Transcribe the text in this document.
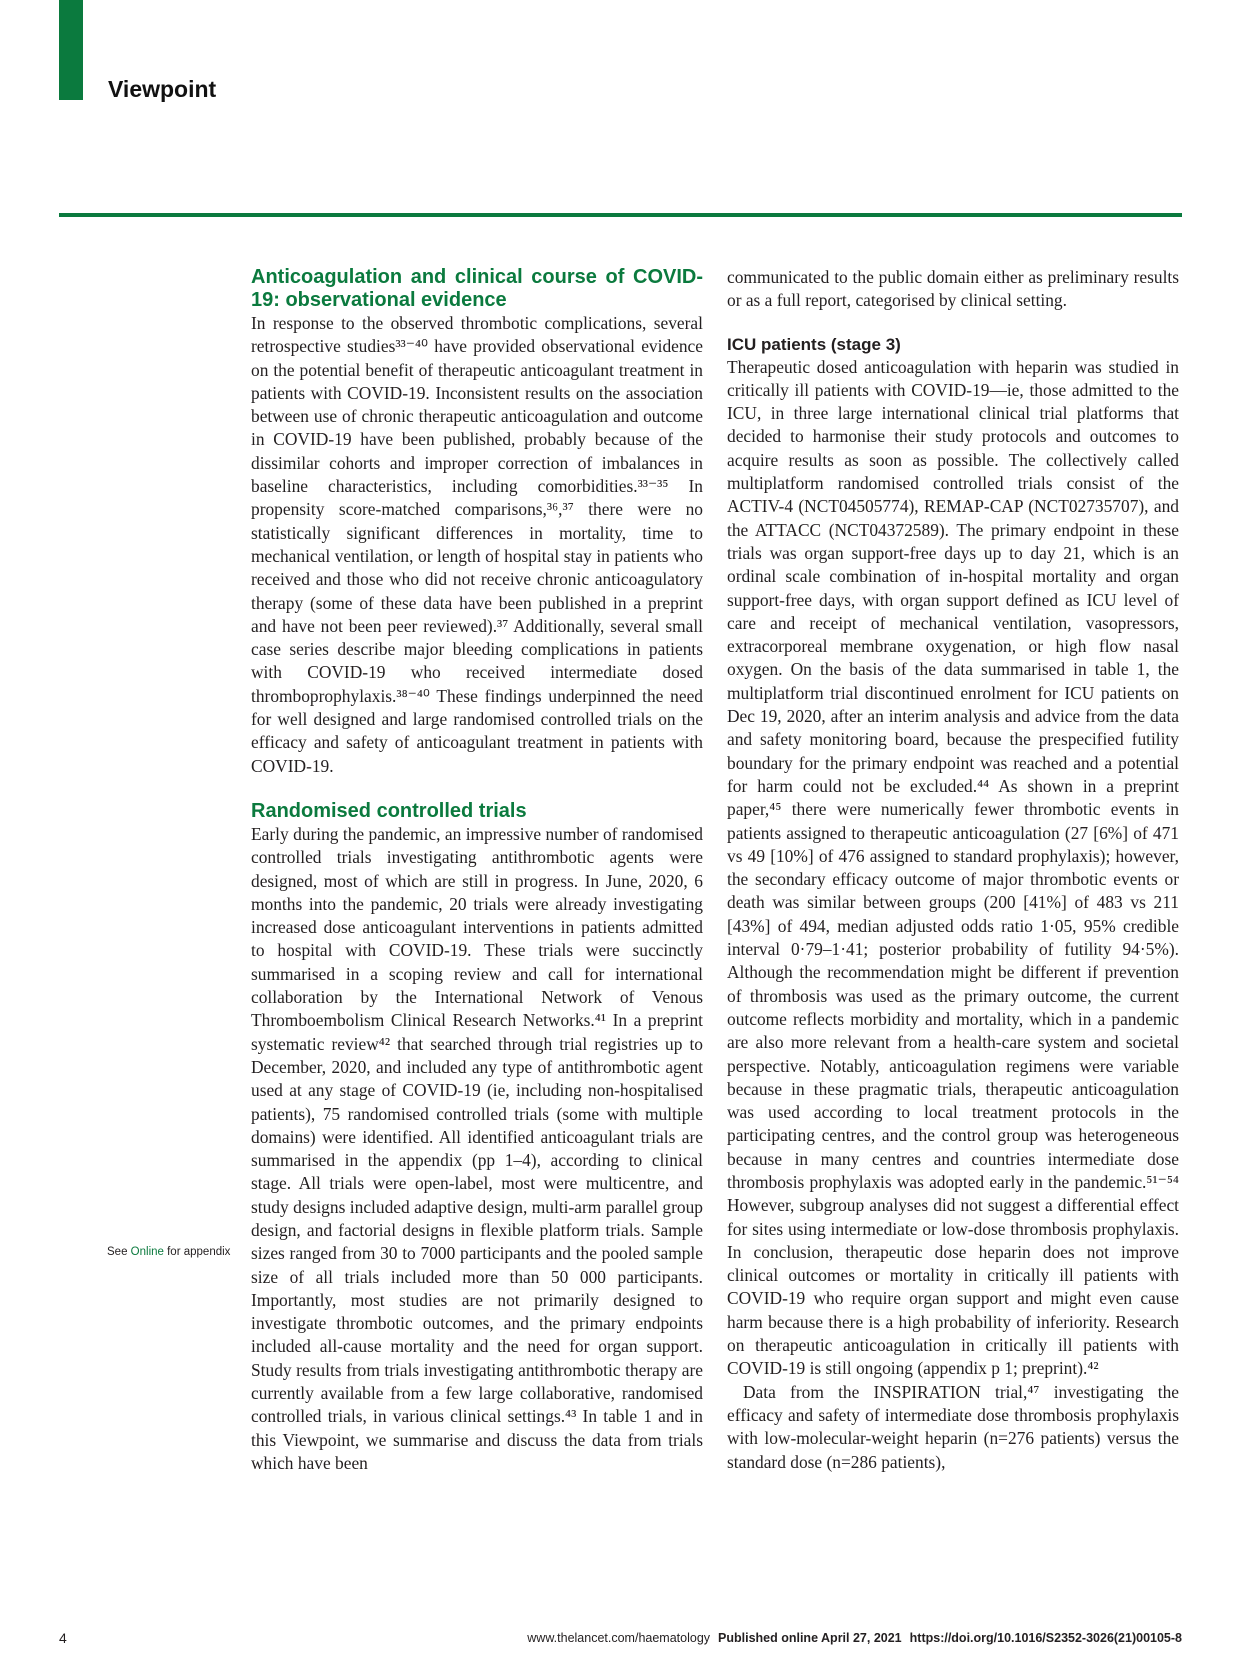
Viewpoint
See Online for appendix
Anticoagulation and clinical course of COVID-19: observational evidence

In response to the observed thrombotic complications, several retrospective studies³³⁻⁴⁰ have provided observational evidence on the potential benefit of therapeutic anticoagulant treatment in patients with COVID-19. Inconsistent results on the association between use of chronic therapeutic anticoagulation and outcome in COVID-19 have been published, probably because of the dissimilar cohorts and improper correction of imbalances in baseline characteristics, including comorbidities.³³⁻³⁵ In propensity score-matched comparisons,³⁶,³⁷ there were no statistically significant differences in mortality, time to mechanical ventilation, or length of hospital stay in patients who received and those who did not receive chronic anticoagulatory therapy (some of these data have been published in a preprint and have not been peer reviewed).³⁷ Additionally, several small case series describe major bleeding complications in patients with COVID-19 who received intermediate dosed thromboprophylaxis.³⁸⁻⁴⁰ These findings underpinned the need for well designed and large randomised controlled trials on the efficacy and safety of anticoagulant treatment in patients with COVID-19.

Randomised controlled trials

Early during the pandemic, an impressive number of randomised controlled trials investigating antithrombotic agents were designed, most of which are still in progress. In June, 2020, 6 months into the pandemic, 20 trials were already investigating increased dose anticoagulant interventions in patients admitted to hospital with COVID-19. These trials were succinctly summarised in a scoping review and call for international collaboration by the International Network of Venous Thromboembolism Clinical Research Networks.⁴¹ In a preprint systematic review⁴² that searched through trial registries up to December, 2020, and included any type of antithrombotic agent used at any stage of COVID-19 (ie, including non-hospitalised patients), 75 randomised controlled trials (some with multiple domains) were identified. All identified anticoagulant trials are summarised in the appendix (pp 1–4), according to clinical stage. All trials were open-label, most were multicentre, and study designs included adaptive design, multi-arm parallel group design, and factorial designs in flexible platform trials. Sample sizes ranged from 30 to 7000 participants and the pooled sample size of all trials included more than 50 000 participants. Importantly, most studies are not primarily designed to investigate thrombotic outcomes, and the primary endpoints included all-cause mortality and the need for organ support. Study results from trials investigating antithrombotic therapy are currently available from a few large collaborative, randomised controlled trials, in various clinical settings.⁴³ In table 1 and in this Viewpoint, we summarise and discuss the data from trials which have been

communicated to the public domain either as preliminary results or as a full report, categorised by clinical setting.

ICU patients (stage 3)

Therapeutic dosed anticoagulation with heparin was studied in critically ill patients with COVID-19—ie, those admitted to the ICU, in three large international clinical trial platforms that decided to harmonise their study protocols and outcomes to acquire results as soon as possible. The collectively called multiplatform randomised controlled trials consist of the ACTIV-4 (NCT04505774), REMAP-CAP (NCT02735707), and the ATTACC (NCT04372589). The primary endpoint in these trials was organ support-free days up to day 21, which is an ordinal scale combination of in-hospital mortality and organ support-free days, with organ support defined as ICU level of care and receipt of mechanical ventilation, vasopressors, extracorporeal membrane oxygenation, or high flow nasal oxygen. On the basis of the data summarised in table 1, the multiplatform trial discontinued enrolment for ICU patients on Dec 19, 2020, after an interim analysis and advice from the data and safety monitoring board, because the prespecified futility boundary for the primary endpoint was reached and a potential for harm could not be excluded.⁴⁴ As shown in a preprint paper,⁴⁵ there were numerically fewer thrombotic events in patients assigned to therapeutic anticoagulation (27 [6%] of 471 vs 49 [10%] of 476 assigned to standard prophylaxis); however, the secondary efficacy outcome of major thrombotic events or death was similar between groups (200 [41%] of 483 vs 211 [43%] of 494, median adjusted odds ratio 1·05, 95% credible interval 0·79–1·41; posterior probability of futility 94·5%). Although the recommendation might be different if prevention of thrombosis was used as the primary outcome, the current outcome reflects morbidity and mortality, which in a pandemic are also more relevant from a health-care system and societal perspective. Notably, anticoagulation regimens were variable because in these pragmatic trials, therapeutic anticoagulation was used according to local treatment protocols in the participating centres, and the control group was heterogeneous because in many centres and countries intermediate dose thrombosis prophylaxis was adopted early in the pandemic.⁵¹⁻⁵⁴ However, subgroup analyses did not suggest a differential effect for sites using intermediate or low-dose thrombosis prophylaxis. In conclusion, therapeutic dose heparin does not improve clinical outcomes or mortality in critically ill patients with COVID-19 who require organ support and might even cause harm because there is a high probability of inferiority. Research on therapeutic anticoagulation in critically ill patients with COVID-19 is still ongoing (appendix p 1; preprint).⁴²

Data from the INSPIRATION trial,⁴⁷ investigating the efficacy and safety of intermediate dose thrombosis prophylaxis with low-molecular-weight heparin (n=276 patients) versus the standard dose (n=286 patients),

4	www.thelancet.com/haematology Published online April 27, 2021 https://doi.org/10.1016/S2352-3026(21)00105-8
